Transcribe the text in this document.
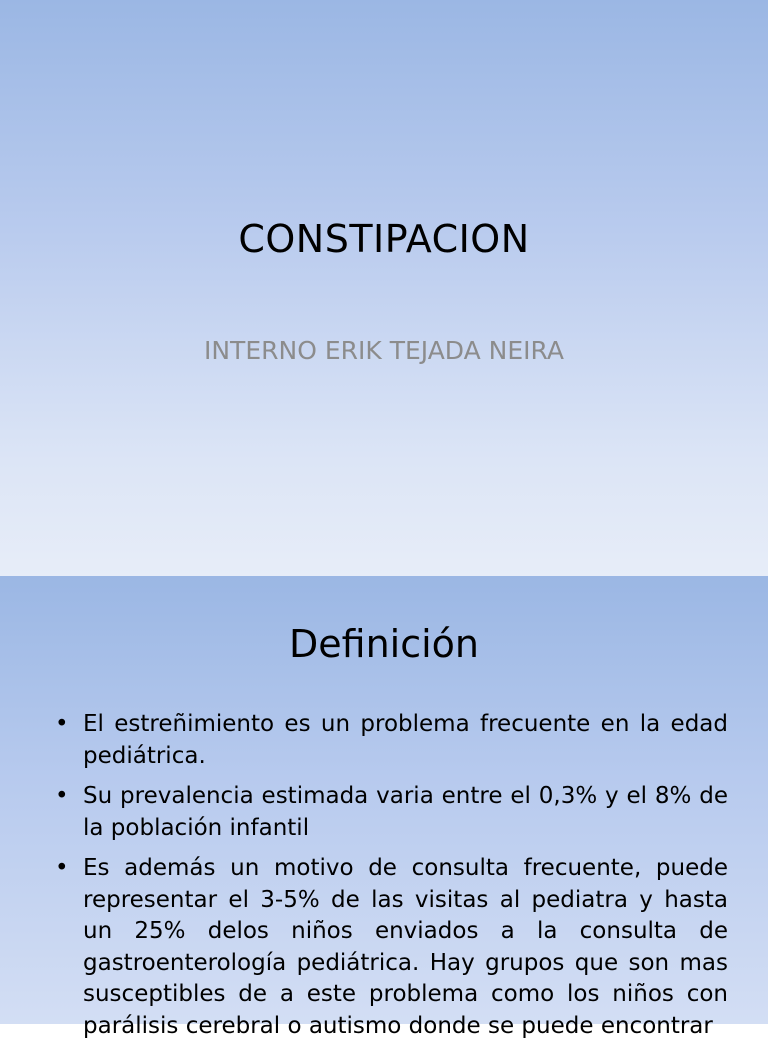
CONSTIPACION
INTERNO ERIK TEJADA NEIRA
Definición
• El estreñimiento es un problema frecuente en la edad pediátrica.
• Su prevalencia estimada varia entre el 0,3% y el 8% de la población infantil
• Es además un motivo de consulta frecuente, puede representar el 3-5% de las visitas al pediatra y hasta un 25% delos niños enviados a la consulta de gastroenterología pediátrica. Hay grupos que son mas susceptibles de a este problema como los niños con parálisis cerebral o autismo donde se puede encontrar
